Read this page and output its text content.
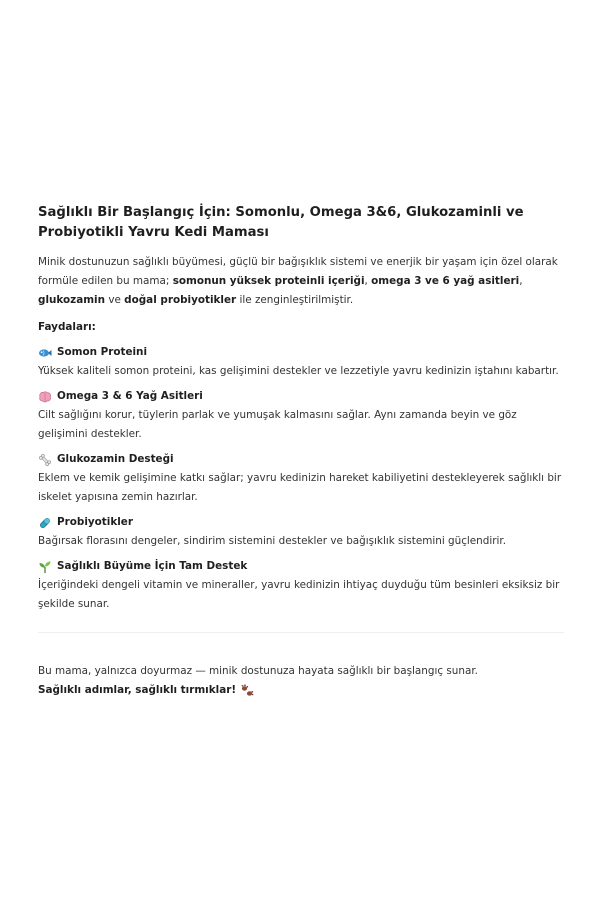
Sağlıklı Bir Başlangıç İçin: Somonlu, Omega 3&6, Glukozaminli ve Probiyotikli Yavru Kedi Maması

Minik dostunuzun sağlıklı büyümesi, güçlü bir bağışıklık sistemi ve enerjik bir yaşam için özel olarak formüle edilen bu mama; somonun yüksek proteinli içeriği, omega 3 ve 6 yağ asitleri, glukozamin ve doğal probiyotikler ile zenginleştirilmiştir.

Faydaları:
Somon Proteini

Yüksek kaliteli somon proteini, kas gelişimini destekler ve lezzetiyle yavru kedinizin iştahını kabartır.

Omega 3 & 6 Yağ Asitleri

Cilt sağlığını korur, tüylerin parlak ve yumuşak kalmasını sağlar. Aynı zamanda beyin ve göz gelişimini destekler.

Glukozamin Desteği

Eklem ve kemik gelişimine katkı sağlar; yavru kedinizin hareket kabiliyetini destekleyerek sağlıklı bir iskelet yapısına zemin hazırlar.

Probiyotikler

Bağırsak florasını dengeler, sindirim sistemini destekler ve bağışıklık sistemini güçlendirir.

Sağlıklı Büyüme İçin Tam Destek

İçeriğindeki dengeli vitamin ve mineraller, yavru kedinizin ihtiyaç duyduğu tüm besinleri eksiksiz bir şekilde sunar.

Bu mama, yalnızca doyurmaz — minik dostunuza hayata sağlıklı bir başlangıç sunar.

Sağlıklı adımlar, sağlıklı tırmıklar!
